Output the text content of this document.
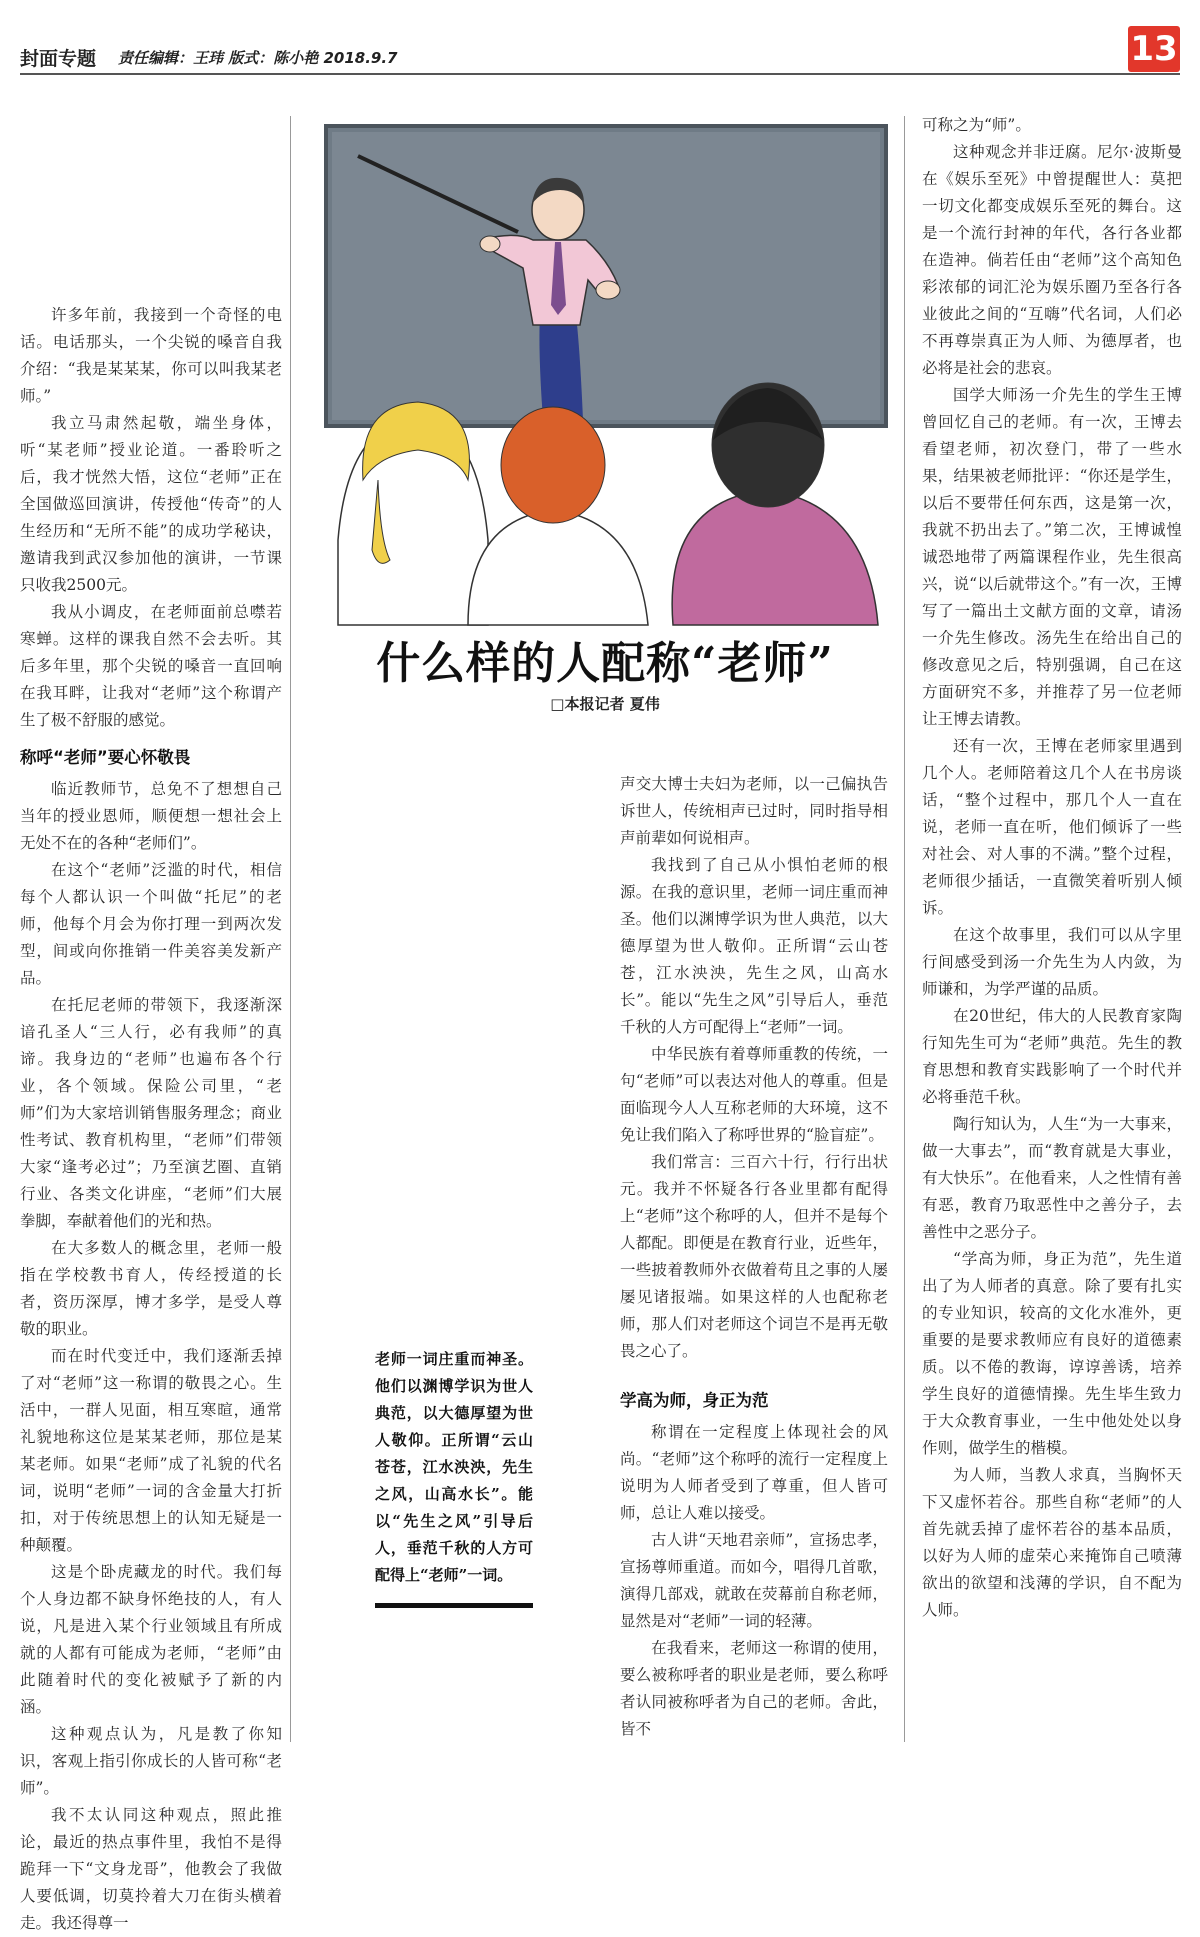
封面专题 责任编辑：王玮 版式：陈小艳 2018.9.7	13

许多年前，我接到一个奇怪的电话。电话那头，一个尖锐的嗓音自我介绍：“我是某某某，你可以叫我某老师。”

我立马肃然起敬，端坐身体，听“某老师”授业论道。一番聆听之后，我才恍然大悟，这位“老师”正在全国做巡回演讲，传授他“传奇”的人生经历和“无所不能”的成功学秘诀，邀请我到武汉参加他的演讲，一节课只收我2500元。

我从小调皮，在老师面前总噤若寒蝉。这样的课我自然不会去听。其后多年里，那个尖锐的嗓音一直回响在我耳畔，让我对“老师”这个称谓产生了极不舒服的感觉。

称呼“老师”要心怀敬畏

临近教师节，总免不了想想自己当年的授业恩师，顺便想一想社会上无处不在的各种“老师们”。

在这个“老师”泛滥的时代，相信每个人都认识一个叫做“托尼”的老师，他每个月会为你打理一到两次发型，间或向你推销一件美容美发新产品。

在托尼老师的带领下，我逐渐深谙孔圣人“三人行，必有我师”的真谛。我身边的“老师”也遍布各个行业，各个领域。保险公司里，“老师”们为大家培训销售服务理念；商业性考试、教育机构里，“老师”们带领大家“逢考必过”；乃至演艺圈、直销行业、各类文化讲座，“老师”们大展拳脚，奉献着他们的光和热。

在大多数人的概念里，老师一般指在学校教书育人，传经授道的长者，资历深厚，博才多学，是受人尊敬的职业。

而在时代变迁中，我们逐渐丢掉了对“老师”这一称谓的敬畏之心。生活中，一群人见面，相互寒暄，通常礼貌地称这位是某某老师，那位是某某老师。如果“老师”成了礼貌的代名词，说明“老师”一词的含金量大打折扣，对于传统思想上的认知无疑是一种颠覆。

这是个卧虎藏龙的时代。我们每个人身边都不缺身怀绝技的人，有人说，凡是进入某个行业领域且有所成就的人都有可能成为老师，“老师”由此随着时代的变化被赋予了新的内涵。

这种观点认为，凡是教了你知识，客观上指引你成长的人皆可称“老师”。

我不太认同这种观点，照此推论，最近的热点事件里，我怕不是得跪拜一下“文身龙哥”，他教会了我做人要低调，切莫拎着大刀在街头横着走。我还得尊一

什么样的人配称“老师”
□本报记者 夏伟
老师一词庄重而神圣。他们以渊博学识为世人典范，以大德厚望为世人敬仰。正所谓“云山苍苍，江水泱泱，先生之风，山高水长”。能以“先生之风”引导后人，垂范千秋的人方可配得上“老师”一词。

声交大博士夫妇为老师，以一己偏执告诉世人，传统相声已过时，同时指导相声前辈如何说相声。

我找到了自己从小惧怕老师的根源。在我的意识里，老师一词庄重而神圣。他们以渊博学识为世人典范，以大德厚望为世人敬仰。正所谓“云山苍苍，江水泱泱，先生之风，山高水长”。能以“先生之风”引导后人，垂范千秋的人方可配得上“老师”一词。

中华民族有着尊师重教的传统，一句“老师”可以表达对他人的尊重。但是面临现今人人互称老师的大环境，这不免让我们陷入了称呼世界的“脸盲症”。

我们常言：三百六十行，行行出状元。我并不怀疑各行各业里都有配得上“老师”这个称呼的人，但并不是每个人都配。即便是在教育行业，近些年，一些披着教师外衣做着苟且之事的人屡屡见诸报端。如果这样的人也配称老师，那人们对老师这个词岂不是再无敬畏之心了。

学高为师，身正为范

称谓在一定程度上体现社会的风尚。“老师”这个称呼的流行一定程度上说明为人师者受到了尊重，但人皆可师，总让人难以接受。

古人讲“天地君亲师”，宣扬忠孝，宣扬尊师重道。而如今，唱得几首歌，演得几部戏，就敢在荧幕前自称老师，显然是对“老师”一词的轻薄。

在我看来，老师这一称谓的使用，要么被称呼者的职业是老师，要么称呼者认同被称呼者为自己的老师。舍此，皆不

可称之为“师”。

这种观念并非迂腐。尼尔·波斯曼在《娱乐至死》中曾提醒世人：莫把一切文化都变成娱乐至死的舞台。这是一个流行封神的年代，各行各业都在造神。倘若任由“老师”这个高知色彩浓郁的词汇沦为娱乐圈乃至各行各业彼此之间的“互嗨”代名词，人们必不再尊崇真正为人师、为德厚者，也必将是社会的悲哀。

国学大师汤一介先生的学生王博曾回忆自己的老师。有一次，王博去看望老师，初次登门，带了一些水果，结果被老师批评：“你还是学生，以后不要带任何东西，这是第一次，我就不扔出去了。”第二次，王博诚惶诚恐地带了两篇课程作业，先生很高兴，说“以后就带这个。”有一次，王博写了一篇出土文献方面的文章，请汤一介先生修改。汤先生在给出自己的修改意见之后，特别强调，自己在这方面研究不多，并推荐了另一位老师让王博去请教。

还有一次，王博在老师家里遇到几个人。老师陪着这几个人在书房谈话，“整个过程中，那几个人一直在说，老师一直在听，他们倾诉了一些对社会、对人事的不满。”整个过程，老师很少插话，一直微笑着听别人倾诉。

在这个故事里，我们可以从字里行间感受到汤一介先生为人内敛，为师谦和，为学严谨的品质。

在20世纪，伟大的人民教育家陶行知先生可为“老师”典范。先生的教育思想和教育实践影响了一个时代并必将垂范千秋。

陶行知认为，人生“为一大事来，做一大事去”，而“教育就是大事业，有大快乐”。在他看来，人之性情有善有恶，教育乃取恶性中之善分子，去善性中之恶分子。

“学高为师，身正为范”，先生道出了为人师者的真意。除了要有扎实的专业知识，较高的文化水准外，更重要的是要求教师应有良好的道德素质。以不倦的教诲，谆谆善诱，培养学生良好的道德情操。先生毕生致力于大众教育事业，一生中他处处以身作则，做学生的楷模。

为人师，当教人求真，当胸怀天下又虚怀若谷。那些自称“老师”的人首先就丢掉了虚怀若谷的基本品质，以好为人师的虚荣心来掩饰自己喷薄欲出的欲望和浅薄的学识，自不配为人师。
